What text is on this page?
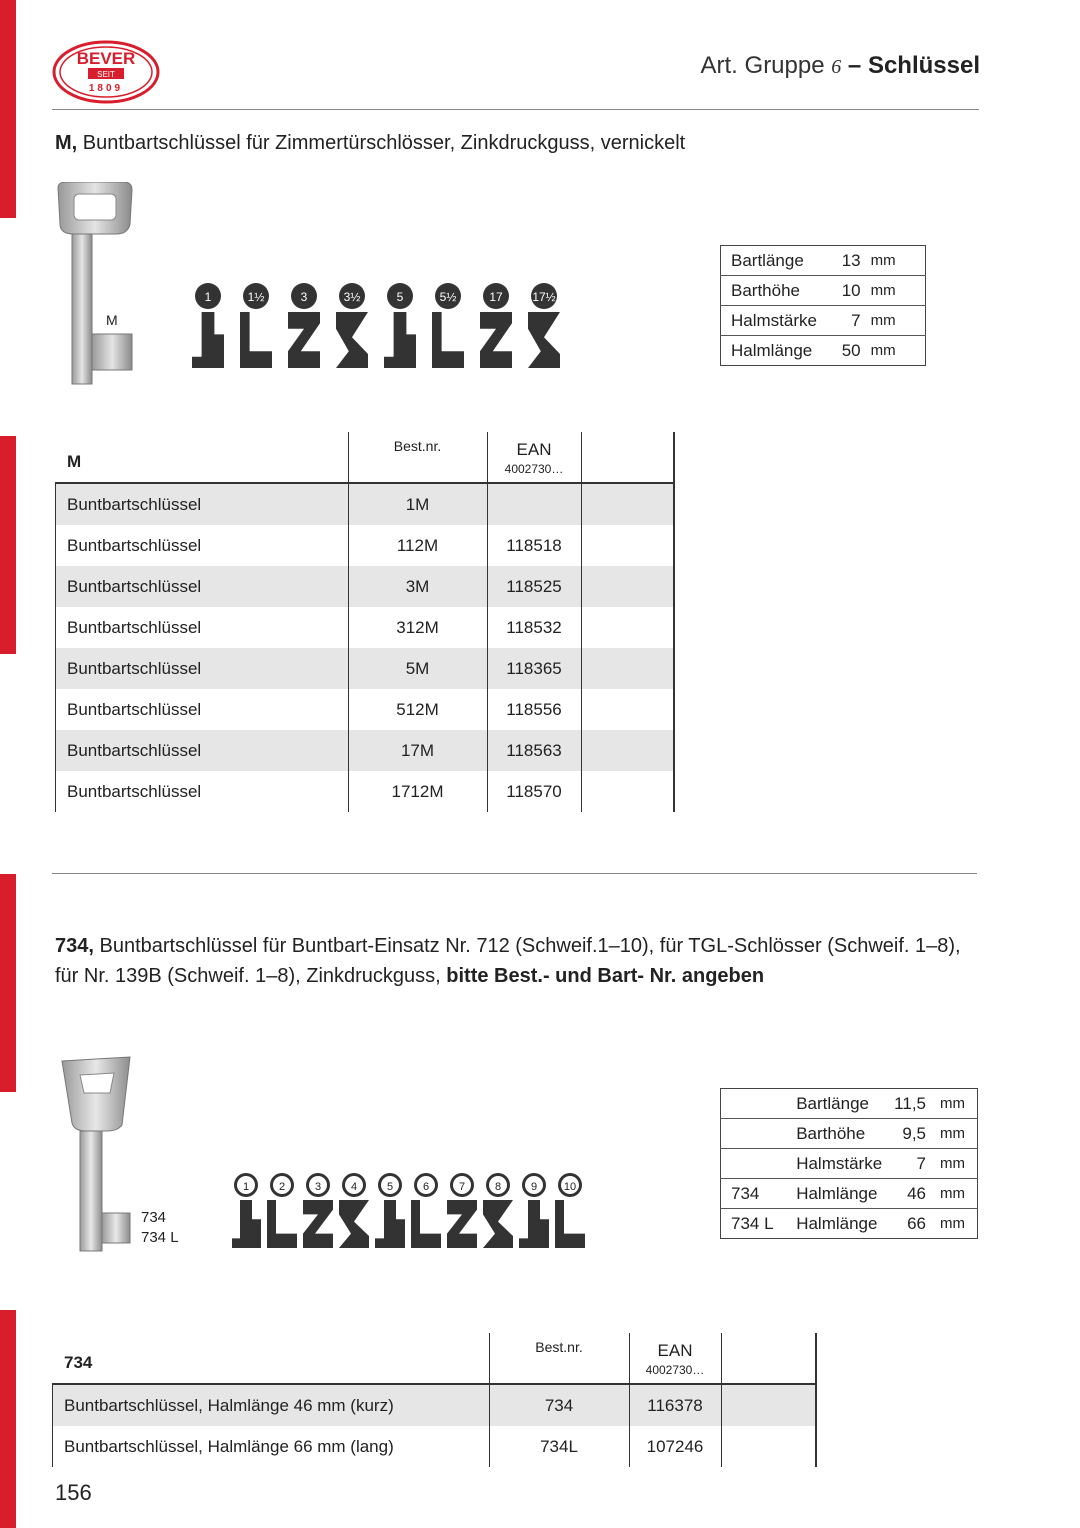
BEVER
SEIT
1809
Art. Gruppe 6 – Schlüssel
M, Buntbartschlüssel für Zimmertürschlösser, Zinkdruckguss, vernickelt
M
1	1½	3	3½	5	5½	17 17½
Bartlänge	13	mm
Barthöhe	10	mm
Halmstärke	7	mm
Halmlänge	50	mm
M
Best.nr.	EAN
4002730…
Buntbartschlüssel	1M
Buntbartschlüssel	112M	118518
Buntbartschlüssel	3M	118525
Buntbartschlüssel	312M	118532
Buntbartschlüssel	5M	118365
Buntbartschlüssel	512M	118556
Buntbartschlüssel	17M	118563
Buntbartschlüssel	1712M	118570
734, Buntbartschlüssel für Buntbart-Einsatz Nr. 712 (Schweif.1–10), für TGL-Schlösser (Schweif. 1–8),
für Nr. 139B (Schweif. 1–8), Zinkdruckguss, bitte Best.- und Bart- Nr. angeben
734
734 L
1	2	3	4	5	6	7	8	9 10
	Bartlänge	11,5	mm
	Barthöhe	9,5	mm
	Halmstärke	7	mm
734	Halmlänge	46	mm
734 L	Halmlänge	66	mm
734
Best.nr.	EAN
4002730…
Buntbartschlüssel, Halmlänge 46 mm (kurz)	734	116378
Buntbartschlüssel, Halmlänge 66 mm (lang)	734L	107246
156
